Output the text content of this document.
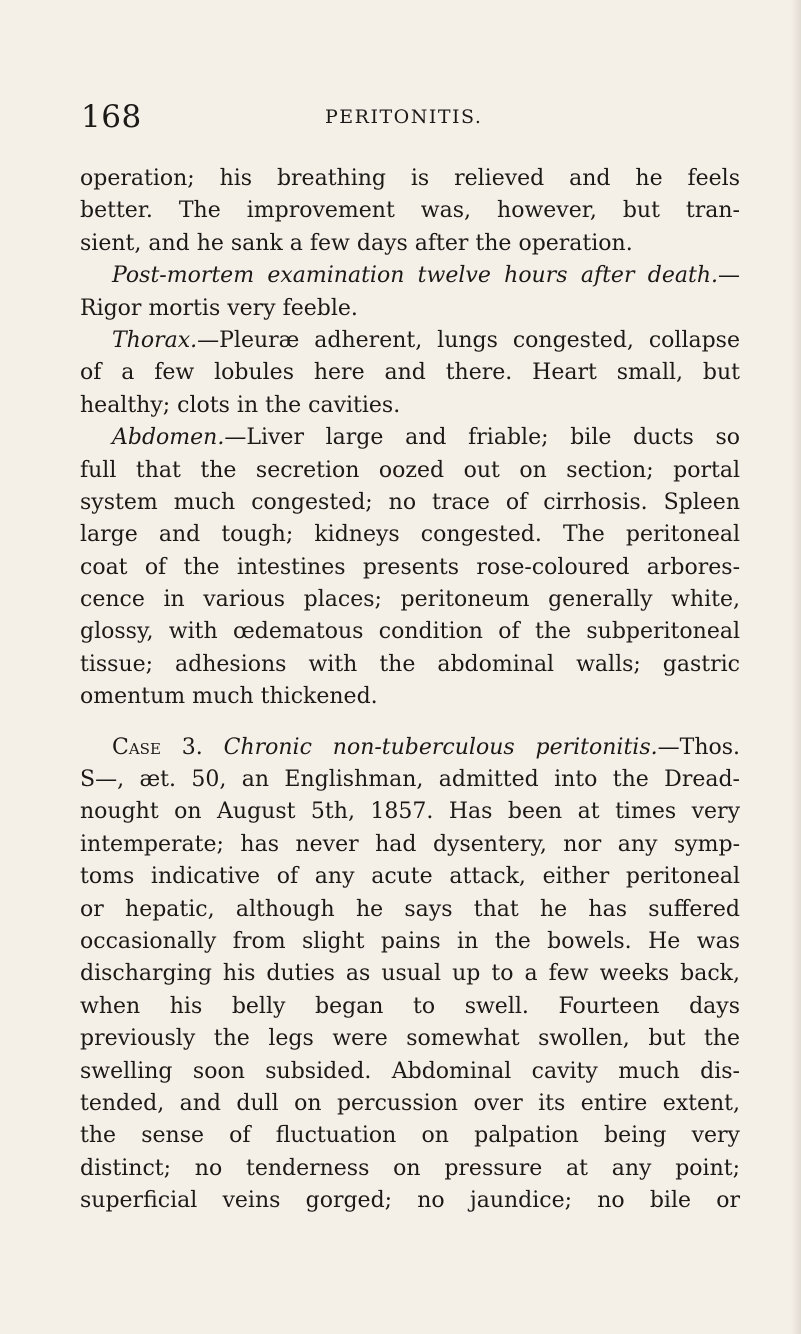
168	PERITONITIS.
operation; his breathing is relieved and he feels
better. The improvement was, however, but tran-
sient, and he sank a few days after the operation.
Post-mortem examination twelve hours after death.—
Rigor mortis very feeble.
Thorax.—Pleuræ adherent, lungs congested, collapse
of a few lobules here and there. Heart small, but
healthy; clots in the cavities.
Abdomen.—Liver large and friable; bile ducts so
full that the secretion oozed out on section; portal
system much congested; no trace of cirrhosis. Spleen
large and tough; kidneys congested. The peritoneal
coat of the intestines presents rose-coloured arbores-
cence in various places; peritoneum generally white,
glossy, with œdematous condition of the subperitoneal
tissue; adhesions with the abdominal walls; gastric
omentum much thickened.
Case 3. Chronic non-tuberculous peritonitis.—Thos.
S—, æt. 50, an Englishman, admitted into the Dread-
nought on August 5th, 1857. Has been at times very
intemperate; has never had dysentery, nor any symp-
toms indicative of any acute attack, either peritoneal
or hepatic, although he says that he has suffered
occasionally from slight pains in the bowels. He was
discharging his duties as usual up to a few weeks back,
when his belly began to swell. Fourteen days
previously the legs were somewhat swollen, but the
swelling soon subsided. Abdominal cavity much dis-
tended, and dull on percussion over its entire extent,
the sense of fluctuation on palpation being very
distinct; no tenderness on pressure at any point;
superficial veins gorged; no jaundice; no bile or
